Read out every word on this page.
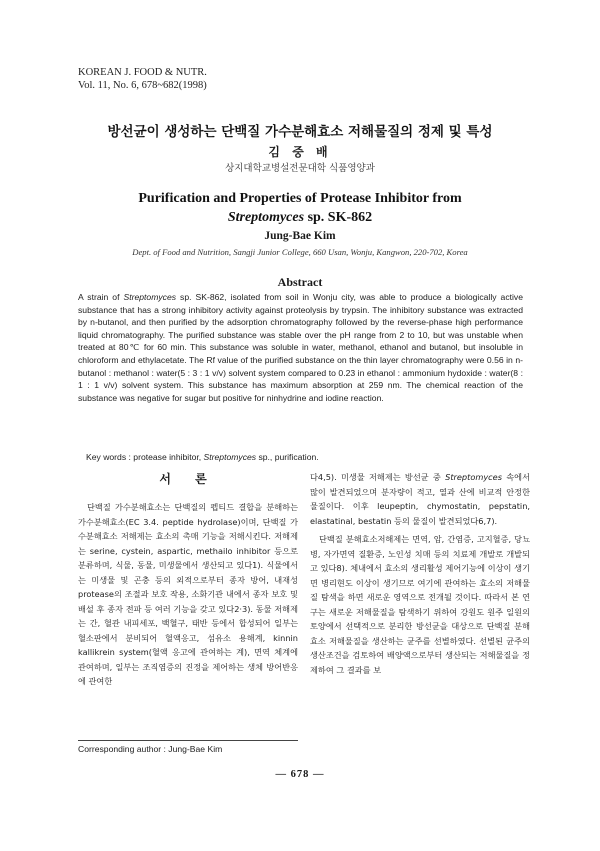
KOREAN J. FOOD & NUTR.
Vol. 11, No. 6, 678~682(1998)
방선균이 생성하는 단백질 가수분해효소 저해물질의 정제 및 특성
김 중 배
상지대학교병설전문대학 식품영양과
Purification and Properties of Protease Inhibitor from
Streptomyces sp. SK-862
Jung-Bae Kim
Dept. of Food and Nutrition, Sangji Junior College, 660 Usan, Wonju, Kangwon, 220-702, Korea
Abstract

A strain of Streptomyces sp. SK-862, isolated from soil in Wonju city, was able to produce a biologically active substance that has a strong inhibitory activity against proteolysis by trypsin. The inhibitory substance was extracted by n-butanol, and then purified by the adsorption chromatography followed by the reverse-phase high performance liquid chromatography. The purified substance was stable over the pH range from 2 to 10, but was unstable when treated at 80℃ for 60 min. This substance was soluble in water, methanol, ethanol and butanol, but insoluble in chloroform and ethylacetate. The Rf value of the purified substance on the thin layer chromatography were 0.56 in n-butanol : methanol : water(5 : 3 : 1 v/v) solvent system compared to 0.23 in ethanol : ammonium hydoxide : water(8 : 1 : 1 v/v) solvent system. This substance has maximum absorption at 259 nm. The chemical reaction of the substance was negative for sugar but positive for ninhydrine and iodine reaction.

Key words : protease inhibitor, Streptomyces sp., purification.
서 론

단백질 가수분해효소는 단백질의 펩티드 결합을 분해하는 가수분해효소(EC 3.4. peptide hydrolase)이며, 단백질 가수분해효소 저해제는 효소의 촉매 기능을 저해시킨다. 저해제는 serine, cystein, aspartic, methailo inhibitor 등으로 분류하며, 식물, 동물, 미생물에서 생산되고 있다1). 식물에서는 미생물 및 곤충 등의 외적으로부터 종자 방어, 내재성 protease의 조절과 보호 작용, 소화기관 내에서 종자 보호 및 배설 후 종자 전파 등 여러 기능을 갖고 있다2·3). 동물 저해제는 간, 혈관 내피세포, 백혈구, 태반 등에서 합성되어 일부는 혈소판에서 분비되어 혈액응고, 섬유소 용해계, kinnin kallikrein system(혈액 응고에 관여하는 계), 면역 체계에 관여하며, 일부는 조직염증의 진정을 제어하는 생체 방어반응에 관여한

다4,5). 미생물 저해제는 방선균 중 Streptomyces 속에서 많이 발견되었으며 분자량이 적고, 열과 산에 비교적 안정한 물질이다. 이후 leupeptin, chymostatin, pepstatin, elastatinal, bestatin 등의 물질이 발견되었다6,7).

단백질 분해효소저해제는 면역, 암, 간염증, 고지혈증, 당뇨병, 자가면역 질환증, 노인성 치매 등의 치료제 개발로 개발되고 있다8). 체내에서 효소의 생리활성 제어기능에 이상이 생기면 병리현도 이상이 생기므로 여기에 관여하는 효소의 저해물질 탐색을 하면 새로운 영역으로 전개될 것이다. 따라서 본 연구는 새로운 저해물질을 탐색하기 위하여 강원도 원주 일원의 토양에서 선택적으로 분리한 방선균을 대상으로 단백질 분해효소 저해물질을 생산하는 균주를 선별하였다. 선별된 균주의 생산조건을 검토하여 배양액으로부터 생산되는 저해물질을 정제하여 그 결과를 보

Corresponding author : Jung-Bae Kim
— 678 —
